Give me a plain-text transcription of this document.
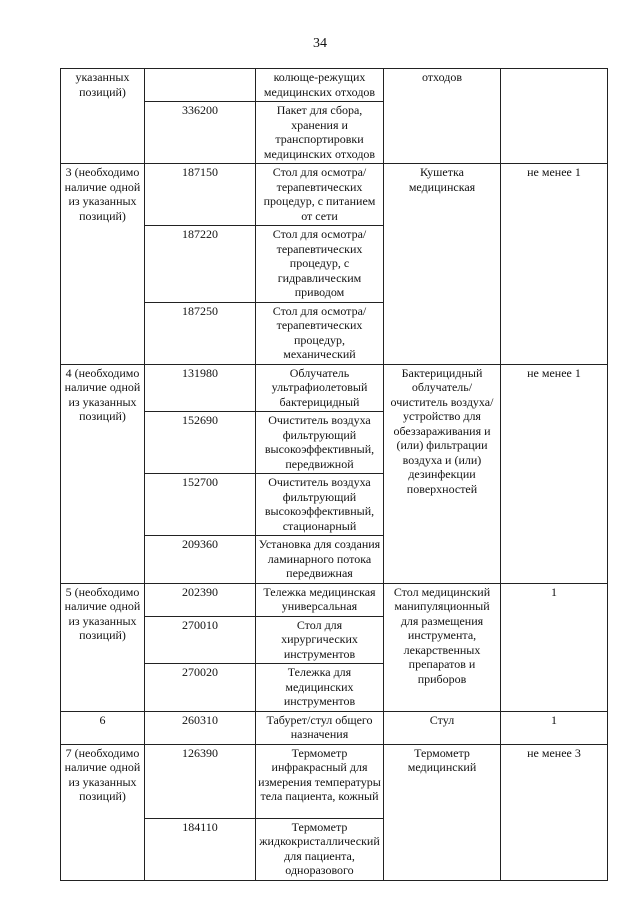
34
указанных позиций)		колюще-режущих медицинских отходов	отходов	
	336200	Пакет для сбора, хранения и транспортировки медицинских отходов		
3 (необходимо наличие одной из указанных позиций)	187150	Стол для осмотра/ терапевтических процедур, с питанием от сети	Кушетка медицинская	не менее 1
	187220	Стол для осмотра/ терапевтических процедур, с гидравлическим приводом		
	187250	Стол для осмотра/ терапевтических процедур, механический		
4 (необходимо наличие одной из указанных позиций)	131980	Облучатель ультрафиолетовый бактерицидный	Бактерицидный облучатель/ очиститель воздуха/ устройство для обеззараживания и (или) фильтрации воздуха и (или) дезинфекции поверхностей	не менее 1
	152690	Очиститель воздуха фильтрующий высокоэффективный, передвижной		
	152700	Очиститель воздуха фильтрующий высокоэффективный, стационарный		
	209360	Установка для создания ламинарного потока передвижная		
5 (необходимо наличие одной из указанных позиций)	202390	Тележка медицинская универсальная	Стол медицинский манипуляционный для размещения инструмента, лекарственных препаратов и приборов	1
	270010	Стол для хирургических инструментов		
	270020	Тележка для медицинских инструментов		
6	260310	Табурет/стул общего назначения	Стул	1
7 (необходимо наличие одной из указанных позиций)	126390	Термометр инфракрасный для измерения температуры тела пациента, кожный	Термометр медицинский	не менее 3
	184110	Термометр жидкокристаллический для пациента, одноразового		
